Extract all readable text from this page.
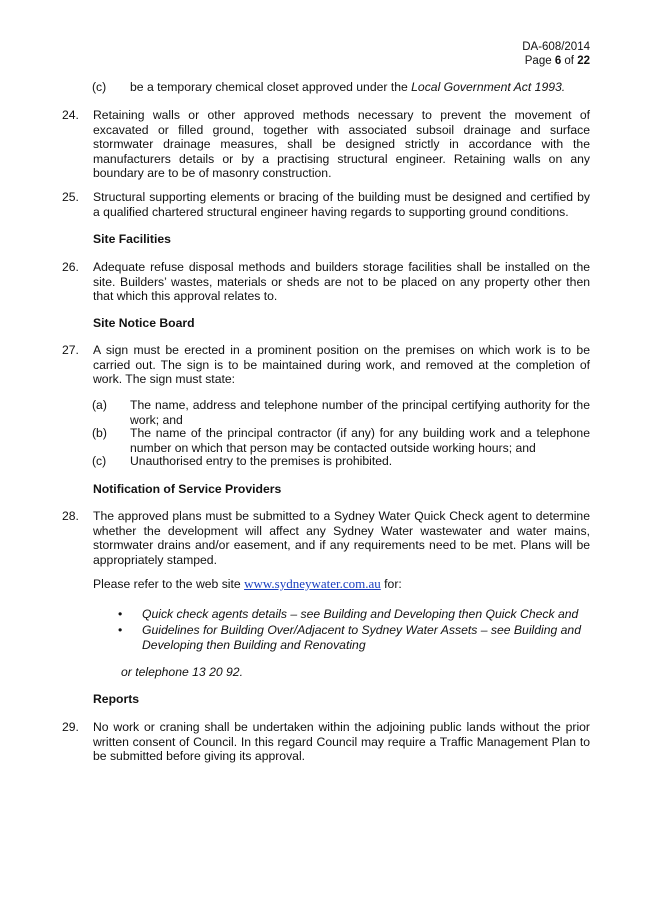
DA-608/2014
Page 6 of 22
(c) be a temporary chemical closet approved under the Local Government Act 1993.
24. Retaining walls or other approved methods necessary to prevent the movement of excavated or filled ground, together with associated subsoil drainage and surface stormwater drainage measures, shall be designed strictly in accordance with the manufacturers details or by a practising structural engineer. Retaining walls on any boundary are to be of masonry construction.
25. Structural supporting elements or bracing of the building must be designed and certified by a qualified chartered structural engineer having regards to supporting ground conditions.
Site Facilities
26. Adequate refuse disposal methods and builders storage facilities shall be installed on the site. Builders’ wastes, materials or sheds are not to be placed on any property other then that which this approval relates to.
Site Notice Board
27. A sign must be erected in a prominent position on the premises on which work is to be carried out. The sign is to be maintained during work, and removed at the completion of work. The sign must state:
(a) The name, address and telephone number of the principal certifying authority for the work; and
(b) The name of the principal contractor (if any) for any building work and a telephone number on which that person may be contacted outside working hours; and
(c) Unauthorised entry to the premises is prohibited.
Notification of Service Providers
28. The approved plans must be submitted to a Sydney Water Quick Check agent to determine whether the development will affect any Sydney Water wastewater and water mains, stormwater drains and/or easement, and if any requirements need to be met. Plans will be appropriately stamped.
Please refer to the web site www.sydneywater.com.au for:
• Quick check agents details – see Building and Developing then Quick Check and
• Guidelines for Building Over/Adjacent to Sydney Water Assets – see Building and Developing then Building and Renovating
or telephone 13 20 92.
Reports
29. No work or craning shall be undertaken within the adjoining public lands without the prior written consent of Council. In this regard Council may require a Traffic Management Plan to be submitted before giving its approval.
